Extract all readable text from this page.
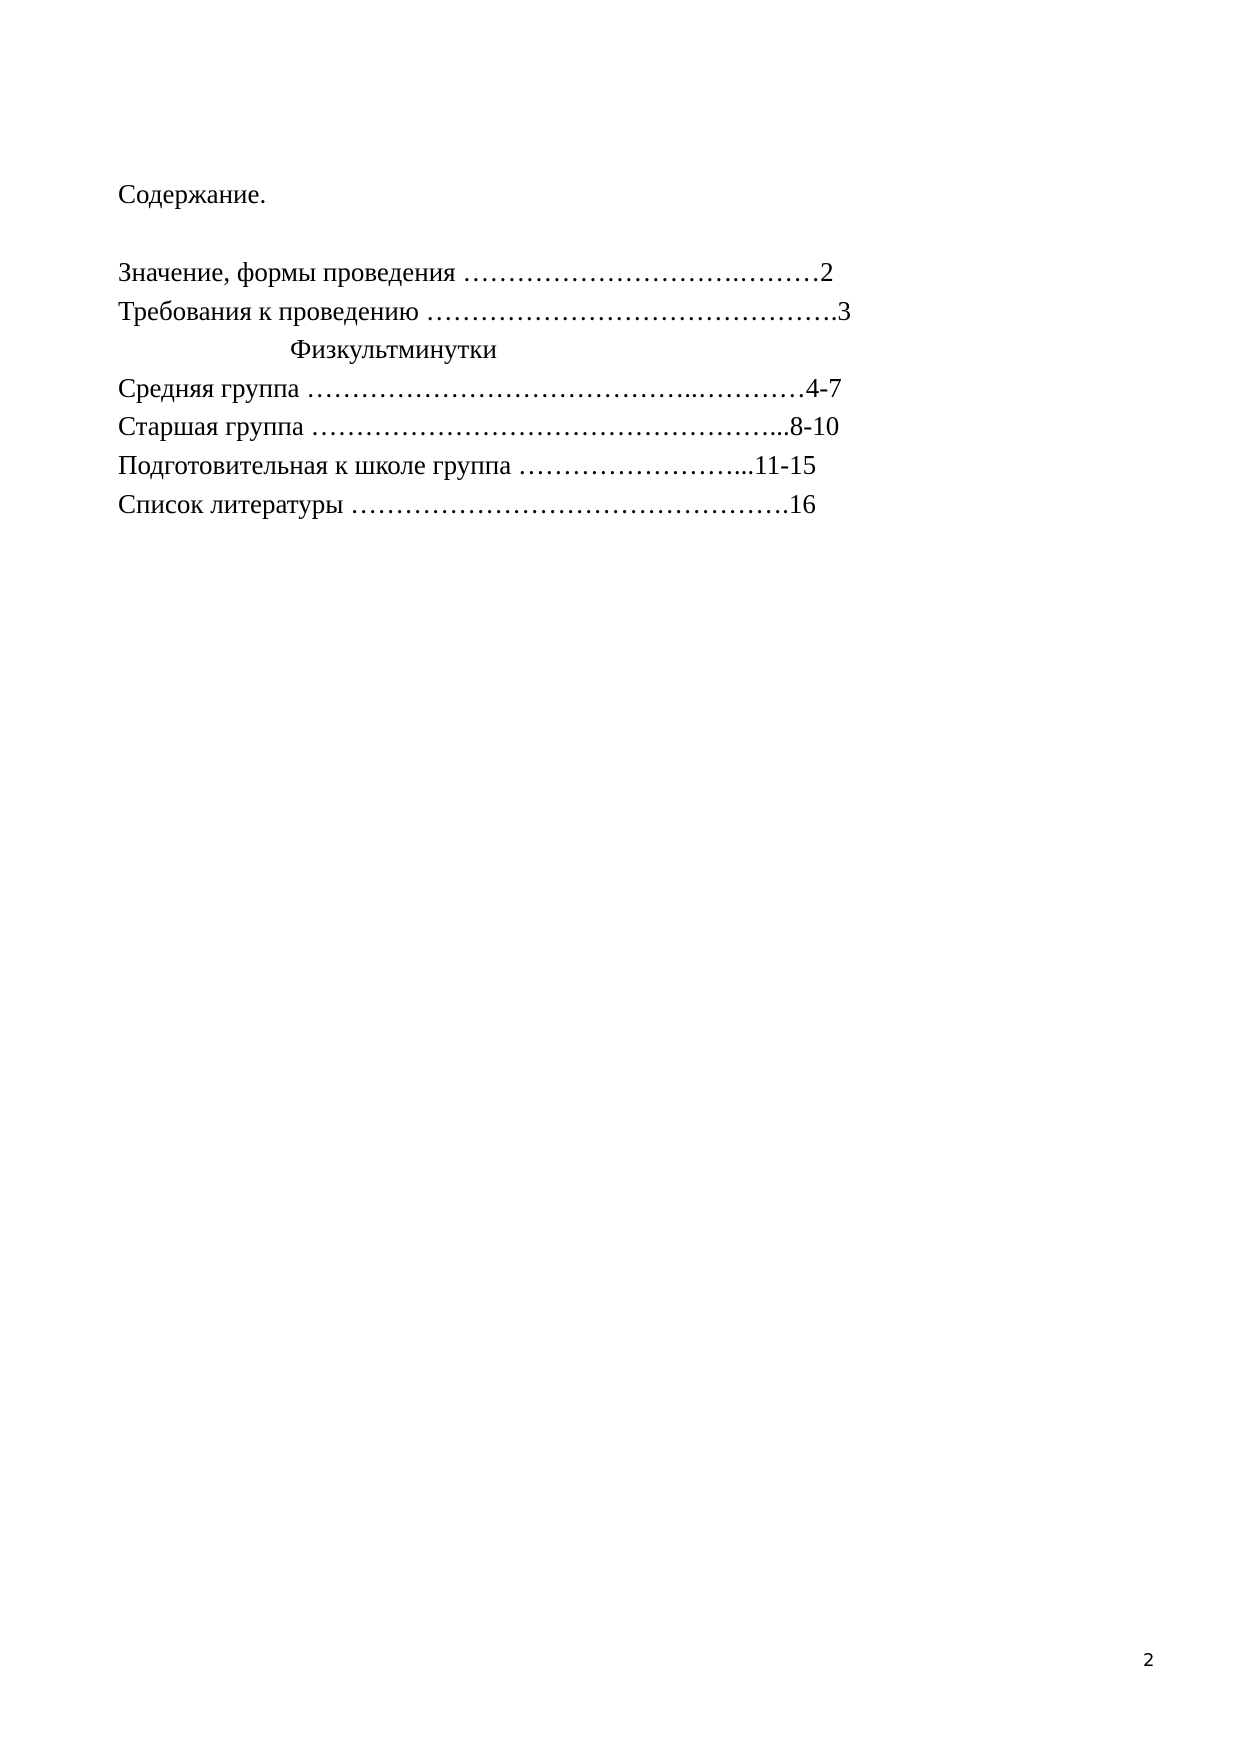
Содержание.
Значение, формы проведения ………………………….………2
Требования к проведению ……………………………………….3
Физкультминутки
Средняя группа ……………………………………..…………4-7
Старшая группа ……………………………………………...8-10
Подготовительная к школе группа ……………………...11-15
Список литературы ………………………………………….16
2
